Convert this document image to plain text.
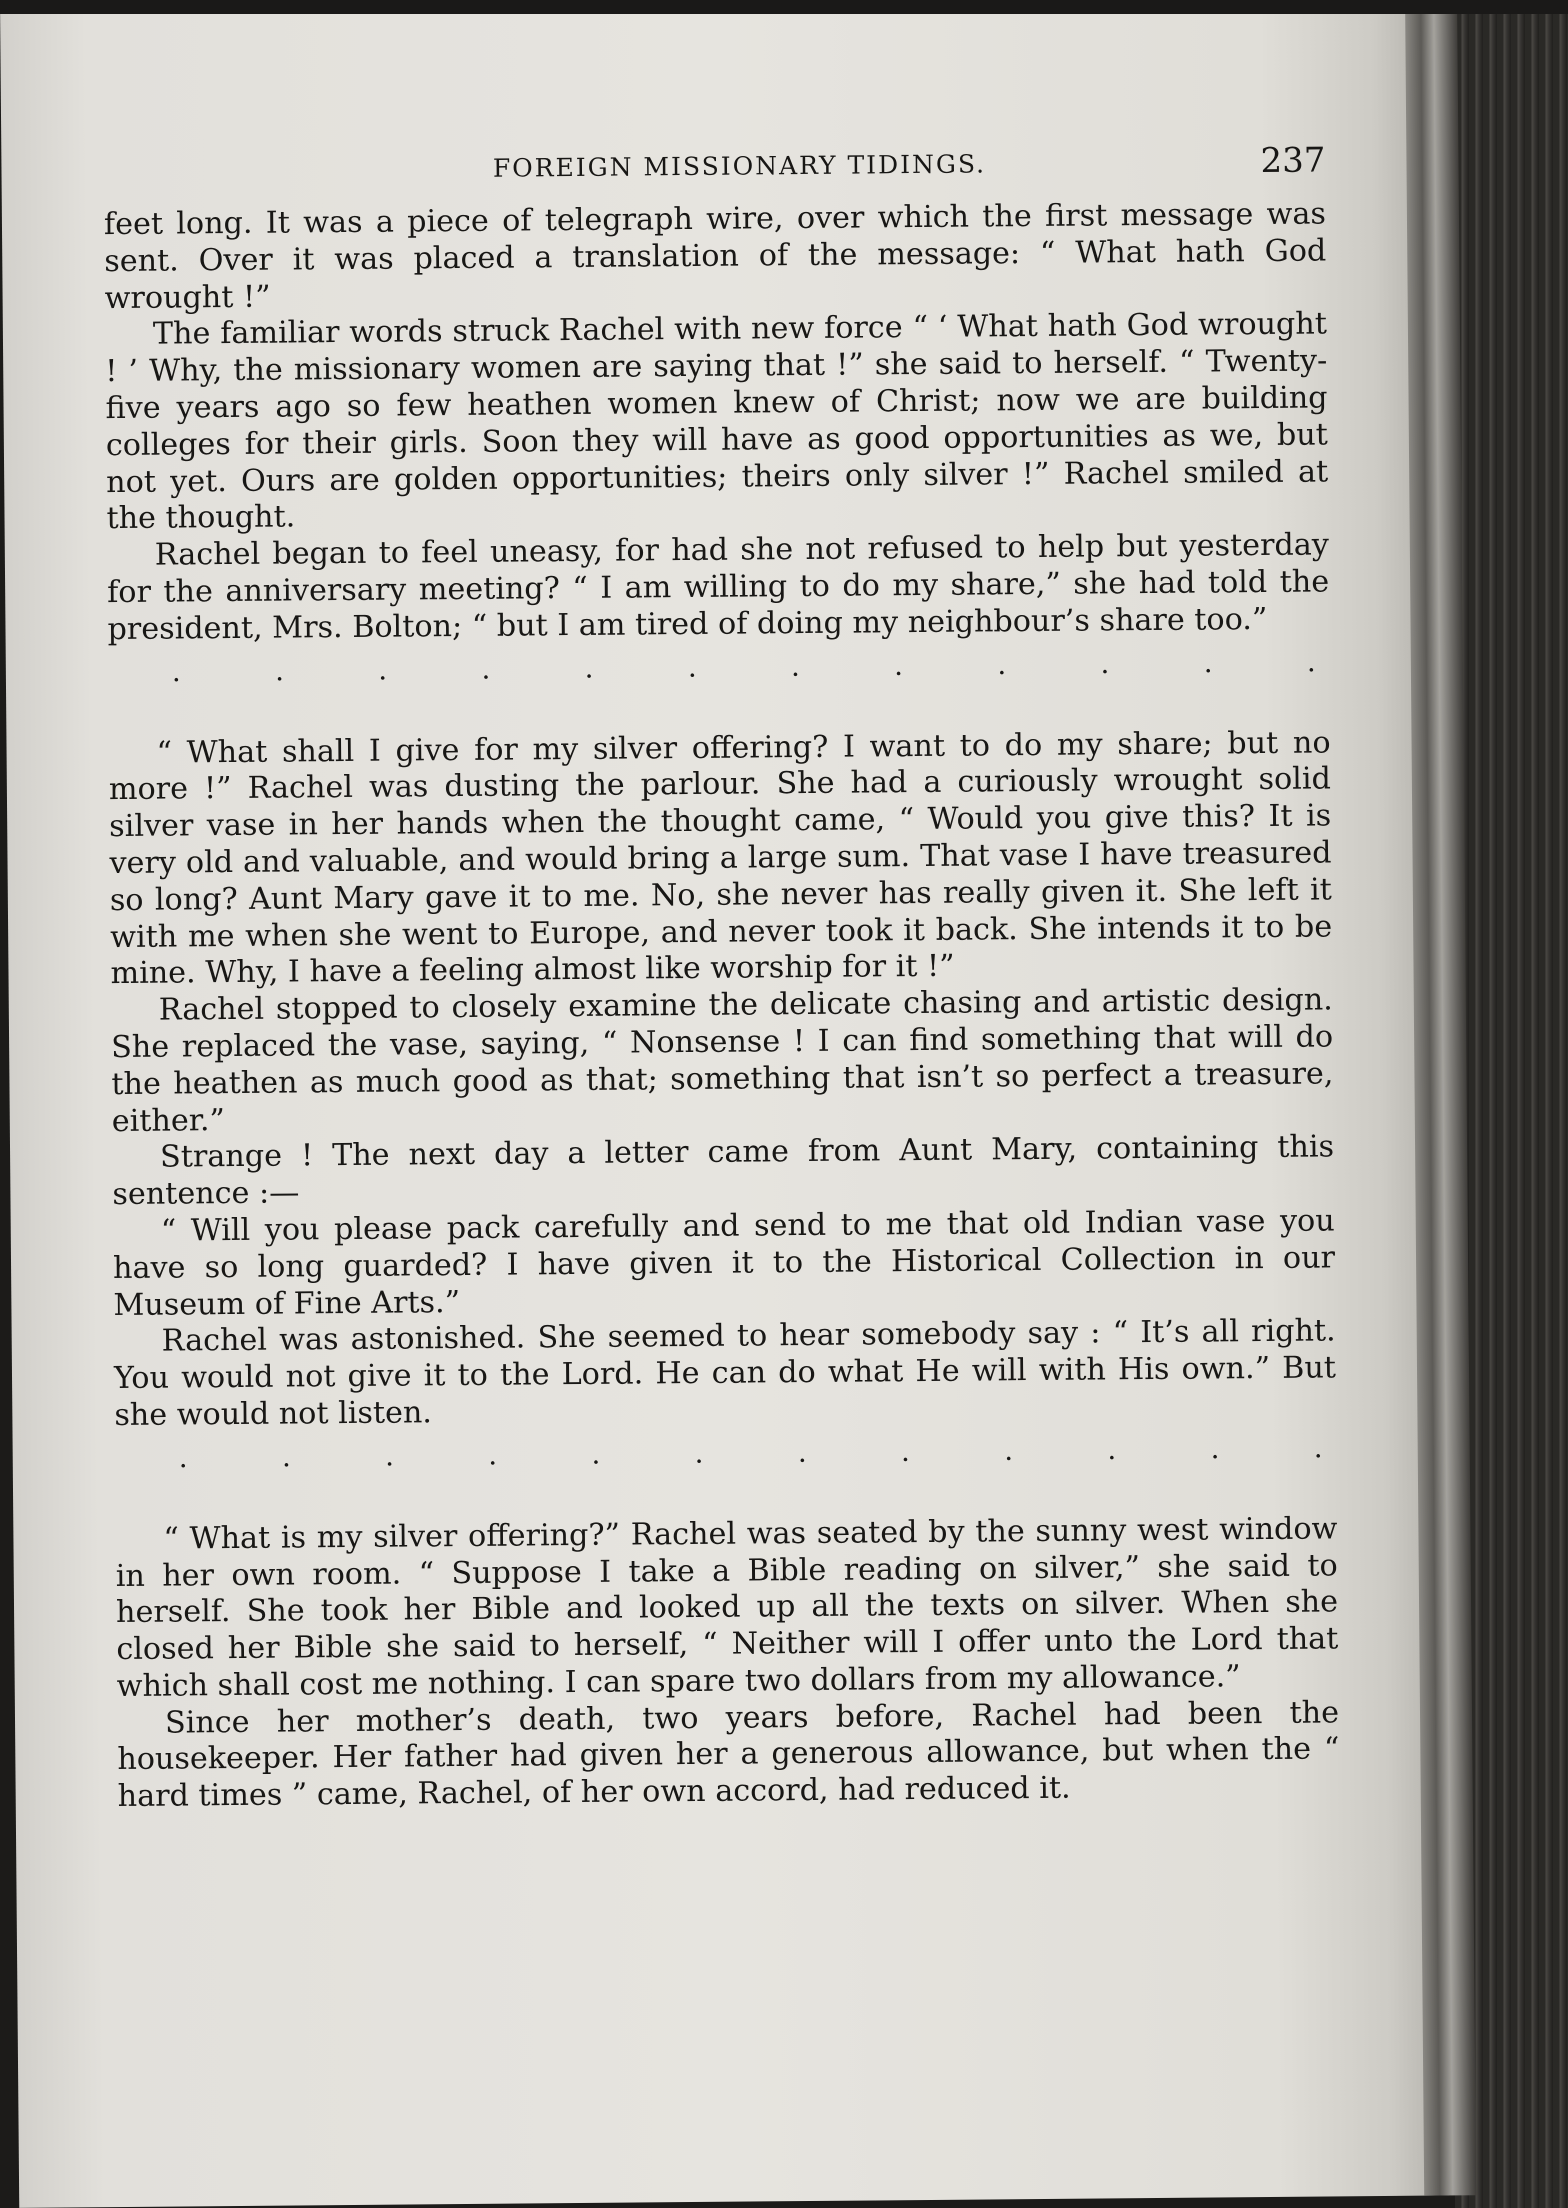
FOREIGN MISSIONARY TIDINGS.	237

feet long. It was a piece of telegraph wire, over which the first message was sent. Over it was placed a translation of the message: “ What hath God wrought !”

The familiar words struck Rachel with new force “ ‘ What hath God wrought ! ’ Why, the missionary women are saying that !” she said to herself. “ Twenty-five years ago so few heathen women knew of Christ; now we are building colleges for their girls. Soon they will have as good opportunities as we, but not yet. Ours are golden opportunities; theirs only silver !” Rachel smiled at the thought.

Rachel began to feel uneasy, for had she not refused to help but yesterday for the anniversary meeting? “ I am willing to do my share,” she had told the president, Mrs. Bolton; “ but I am tired of doing my neighbour’s share too.”

·	·	·	·	·	·	·	·	·	·	·	·

“ What shall I give for my silver offering? I want to do my share; but no more !” Rachel was dusting the parlour. She had a curiously wrought solid silver vase in her hands when the thought came, “ Would you give this? It is very old and valuable, and would bring a large sum. That vase I have treasured so long? Aunt Mary gave it to me. No, she never has really given it. She left it with me when she went to Europe, and never took it back. She intends it to be mine. Why, I have a feeling almost like worship for it !”

Rachel stopped to closely examine the delicate chasing and artistic design. She replaced the vase, saying, “ Nonsense ! I can find something that will do the heathen as much good as that; something that isn’t so perfect a treasure, either.”

Strange ! The next day a letter came from Aunt Mary, containing this sentence :—

“ Will you please pack carefully and send to me that old Indian vase you have so long guarded? I have given it to the Historical Collection in our Museum of Fine Arts.”

Rachel was astonished. She seemed to hear somebody say : “ It’s all right. You would not give it to the Lord. He can do what He will with His own.” But she would not listen.

·	·	·	·	·	·	·	·	·	·	·	·

“ What is my silver offering?” Rachel was seated by the sunny west window in her own room. “ Suppose I take a Bible reading on silver,” she said to herself. She took her Bible and looked up all the texts on silver. When she closed her Bible she said to herself, “ Neither will I offer unto the Lord that which shall cost me nothing. I can spare two dollars from my allowance.”

Since her mother’s death, two years before, Rachel had been the housekeeper. Her father had given her a generous allowance, but when the “ hard times ” came, Rachel, of her own accord, had reduced it.
